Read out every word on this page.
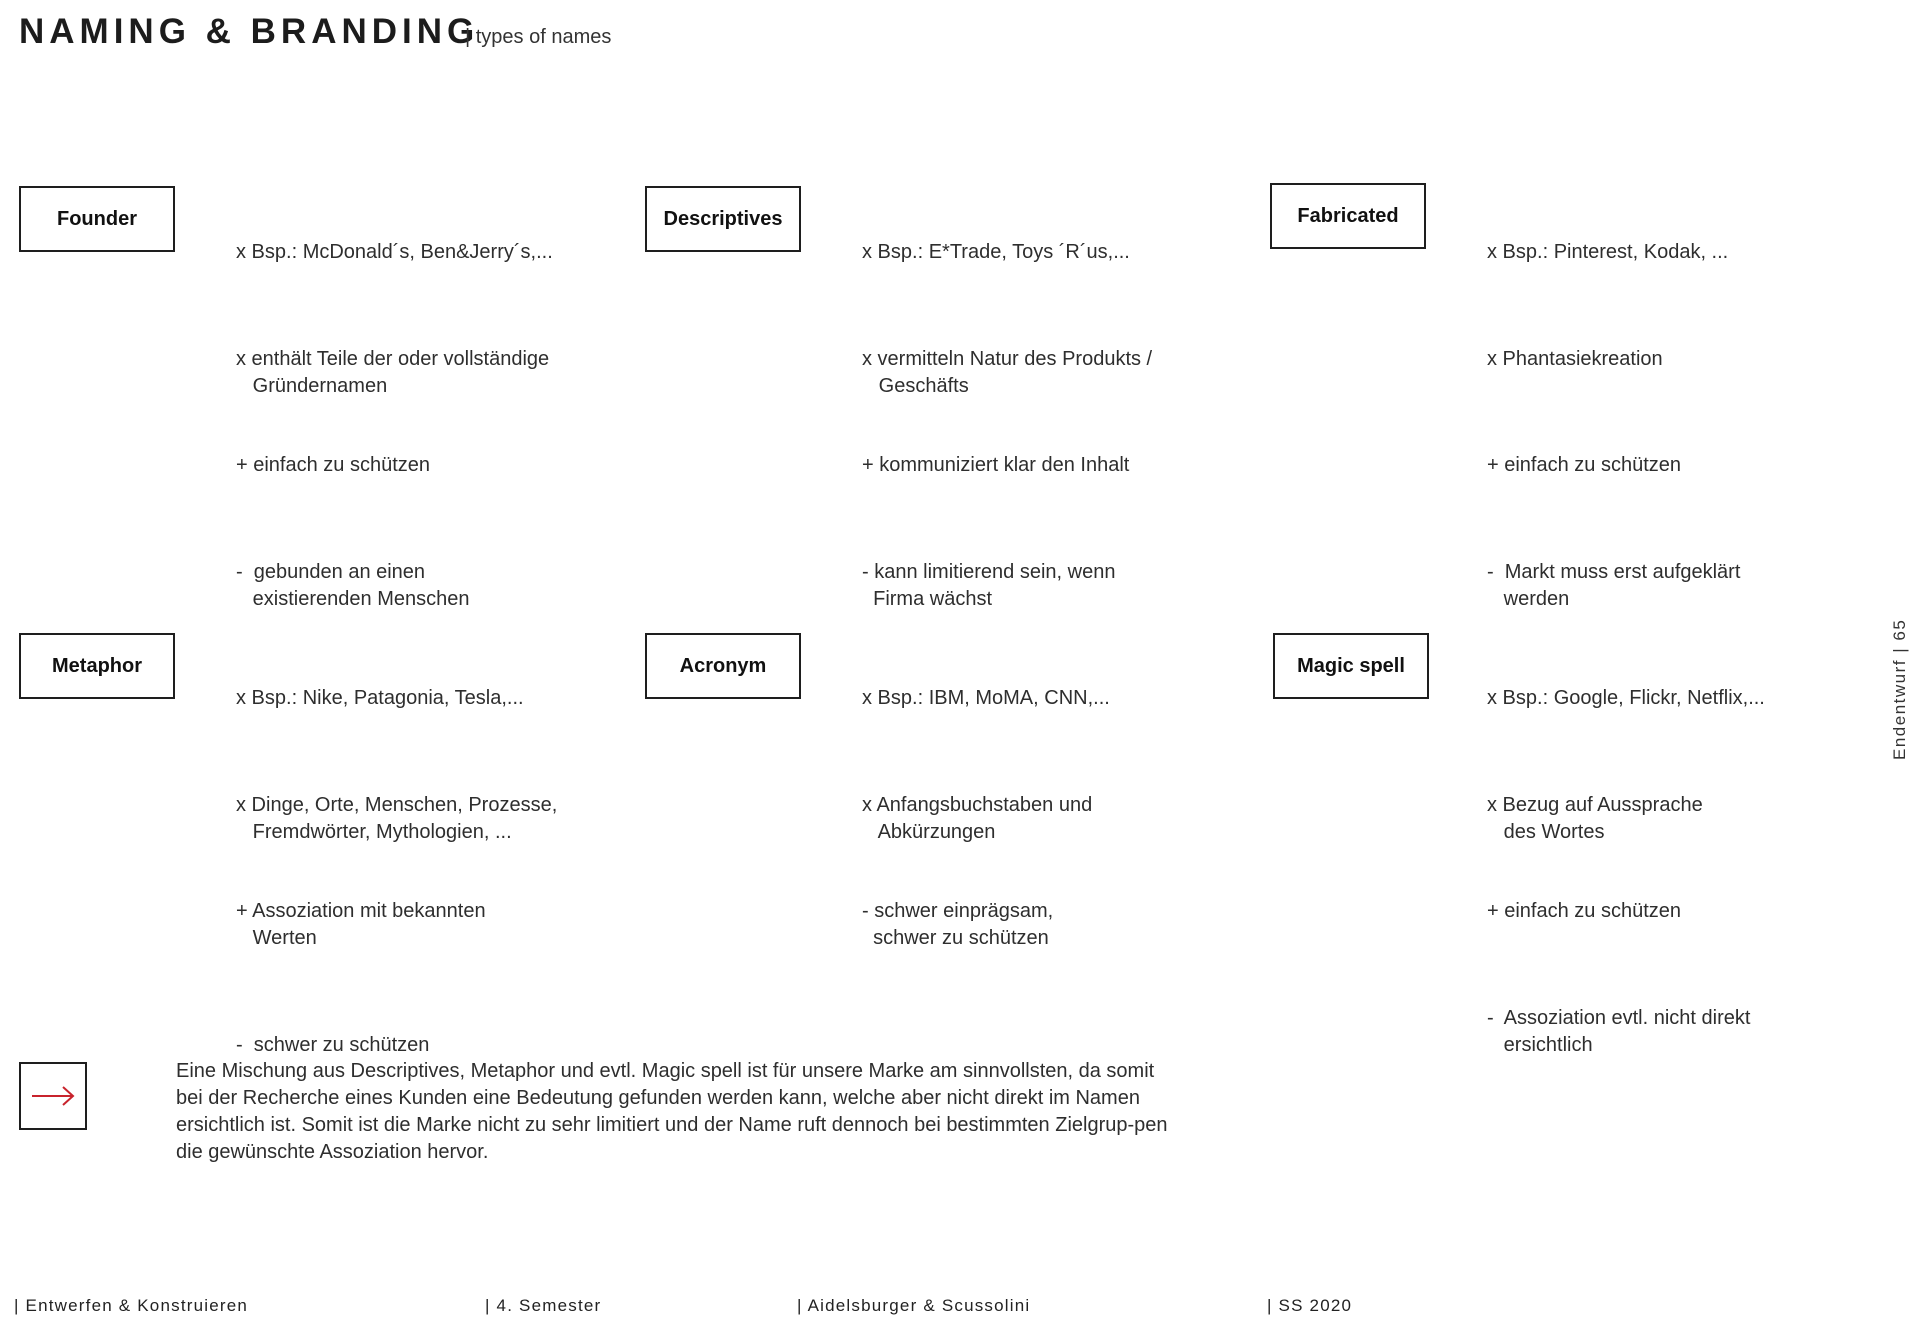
NAMING & BRANDING
| types of names
Founder

x Bsp.: McDonald´s, Ben&Jerry´s,...

x enthält Teile der oder vollständige
Gründernamen

+ einfach zu schützen

-  gebunden an einen
existierenden Menschen

Descriptives

x Bsp.: E*Trade, Toys ´R´us,...

x vermitteln Natur des Produkts /
Geschäfts

+ kommuniziert klar den Inhalt

- kann limitierend sein, wenn
Firma wächst

Fabricated

x Bsp.: Pinterest, Kodak, ...

x Phantasiekreation

+ einfach zu schützen

-  Markt muss erst aufgeklärt
werden

Metaphor

x Bsp.: Nike, Patagonia, Tesla,...

x Dinge, Orte, Menschen, Prozesse,
Fremdwörter, Mythologien, ...

+ Assoziation mit bekannten
Werten

-  schwer zu schützen

Acronym

x Bsp.: IBM, MoMA, CNN,...

x Anfangsbuchstaben und
Abkürzungen

- schwer einprägsam,
schwer zu schützen

Magic spell

x Bsp.: Google, Flickr, Netflix,...

x Bezug auf Aussprache
des Wortes

+ einfach zu schützen

-  Assoziation evtl. nicht direkt
ersichtlich

Eine Mischung aus Descriptives, Metaphor und evtl. Magic spell ist für unsere Marke am sinnvollsten, da somit bei der Recherche eines Kunden eine Bedeutung gefunden werden kann, welche aber nicht direkt im Namen ersichtlich ist. Somit ist die Marke nicht zu sehr limitiert und der Name ruft dennoch bei bestimmten Zielgrup-pen die gewünschte Assoziation hervor.
Endentwurf | 65
| Entwerfen & Konstruieren	| 4. Semester	| Aidelsburger & Scussolini	| SS 2020
